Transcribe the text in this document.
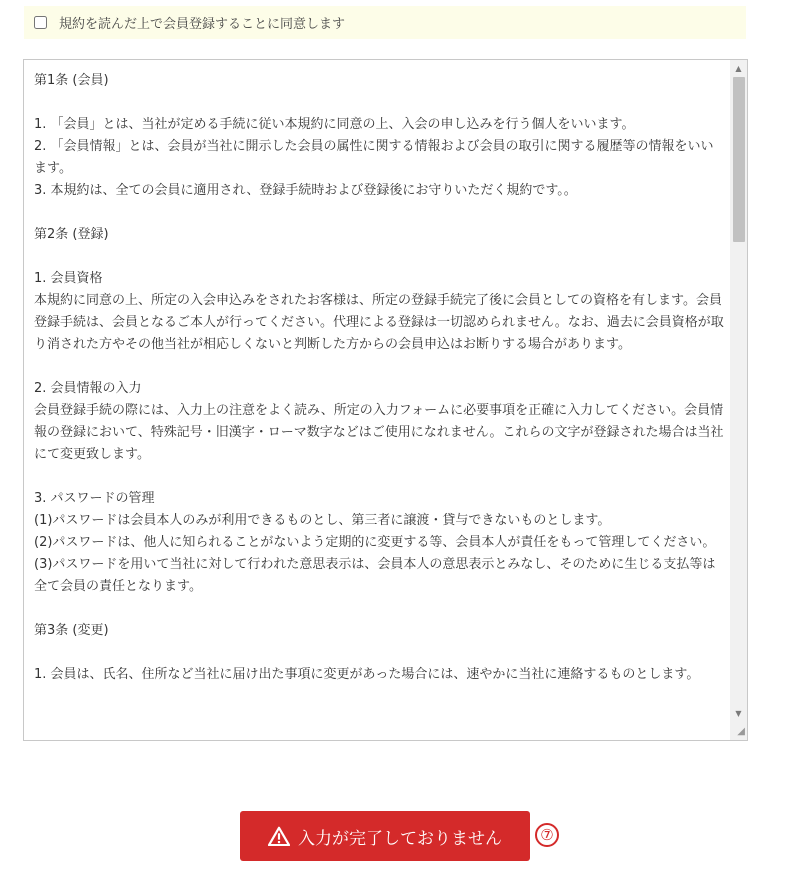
規約を読んだ上で会員登録することに同意します
第1条 (会員)

1. 「会員」とは、当社が定める手続に従い本規約に同意の上、入会の申し込みを行う個人をいいます。
2. 「会員情報」とは、会員が当社に開示した会員の属性に関する情報および会員の取引に関する履歴等の情報をいいます。
3. 本規約は、全ての会員に適用され、登録手続時および登録後にお守りいただく規約です。。

第2条 (登録)

1. 会員資格
本規約に同意の上、所定の入会申込みをされたお客様は、所定の登録手続完了後に会員としての資格を有します。会員登録手続は、会員となるご本人が行ってください。代理による登録は一切認められません。なお、過去に会員資格が取り消された方やその他当社が相応しくないと判断した方からの会員申込はお断りする場合があります。

2. 会員情報の入力
会員登録手続の際には、入力上の注意をよく読み、所定の入力フォームに必要事項を正確に入力してください。会員情報の登録において、特殊記号・旧漢字・ローマ数字などはご使用になれません。これらの文字が登録された場合は当社にて変更致します。

3. パスワードの管理
(1)パスワードは会員本人のみが利用できるものとし、第三者に譲渡・貸与できないものとします。
(2)パスワードは、他人に知られることがないよう定期的に変更する等、会員本人が責任をもって管理してください。
(3)パスワードを用いて当社に対して行われた意思表示は、会員本人の意思表示とみなし、そのために生じる支払等は全て会員の責任となります。

第3条 (変更)

1. 会員は、氏名、住所など当社に届け出た事項に変更があった場合には、速やかに当社に連絡するものとします。
▲
▼
◢
入力が完了しておりません	⑦
